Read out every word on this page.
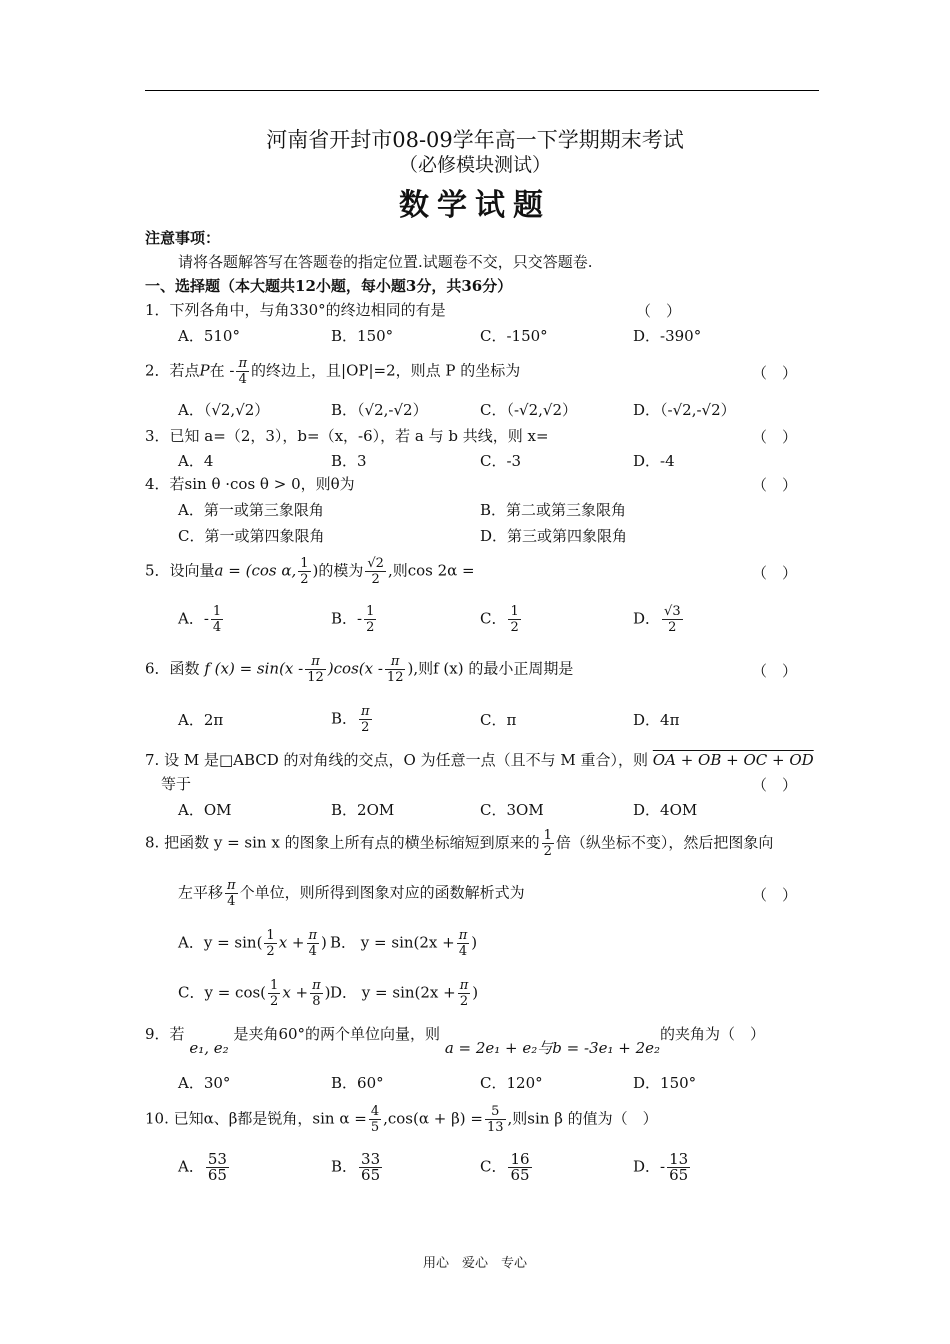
河南省开封市08-09学年高一下学期期末考试
（必修模块测试）
数学试题
注意事项：
请将各题解答写在答题卷的指定位置.试题卷不交，只交答题卷.
一、选择题（本大题共12小题，每小题3分，共36分）
1．下列各角中，与角330°的终边相同的有是	（　）
A．510°	B．150°	C．-150°	D．-390°
2．若点P在 - $\frac{\pi}{4}$ 的终边上，且|OP|=2，则点 P 的坐标为	（　）
A．（√2,√2）	B．（√2,-√2）	C．（-√2,√2）	D．（-√2,-√2）
3．已知 a=（2，3），b=（x，-6），若 a 与 b 共线，则 x=	（　）
A．4	B．3	C．-3	D．-4
4．若sin θ ·cos θ > 0，则θ为	（　）
A．第一或第三象限角	B．第二或第三象限角
C．第一或第四象限角	D．第三或第四象限角
5．设向量a = (cos α, $\frac{1}{2}$ )的模为 $\frac{√2}{2}$ ,则cos 2α =	（　）
A．- $\frac{1}{4}$	B．- $\frac{1}{2}$	C． $\frac{1}{2}$	D． $\frac{√3}{2}$
6．函数 f $(x) = \sin(x - \frac{\pi}{12} )\cos(x - \frac{\pi}{12}$ ),则f (x) 的最小正周期是	（　）
A．2π	B． $\frac{\pi}{2}$	C．π	D．4π
7. 设 M 是□ABCD 的对角线的交点，O 为任意一点（且不与 M 重合），则 OA + OB + OC + OD
等于	（　）
A．OM	B．2OM	C．3OM	D．4OM
8. 把函数 y = sin x 的图象上所有点的横坐标缩短到原来的 $\frac{1}{2}$ 倍（纵坐标不变），然后把图象向
左平移 $\frac{\pi}{4}$ 个单位，则所得到图象对应的函数解析式为	（　）
A．$y = \sin( \frac{1}{2}$ $x + \frac{\pi}{4}$ ) B． $y = \sin(2x + \frac{\pi}{4}$ )
C．$y = \cos( \frac{1}{2}$ $x + \frac{\pi}{8}$ ) D． $y = \sin(2x + \frac{\pi}{2}$ )
9．若 e₁, e₂ 是夹角60°的两个单位向量，则 a = 2e₁ + e₂与b = -3e₁ + 2e₂的夹角为（　）
A．30°	B．60°	C．120°	D．150°
10. 已知α、β都是锐角，$\sin \alpha = \frac{4}{5} ,\cos(\alpha + \beta) = \frac{5}{13}$ ,则sin β 的值为（　）
A． $\frac{53}{65}$	B． $\frac{33}{65}$	C． $\frac{16}{65}$	D．- $\frac{13}{65}$
用心　爱心　专心
